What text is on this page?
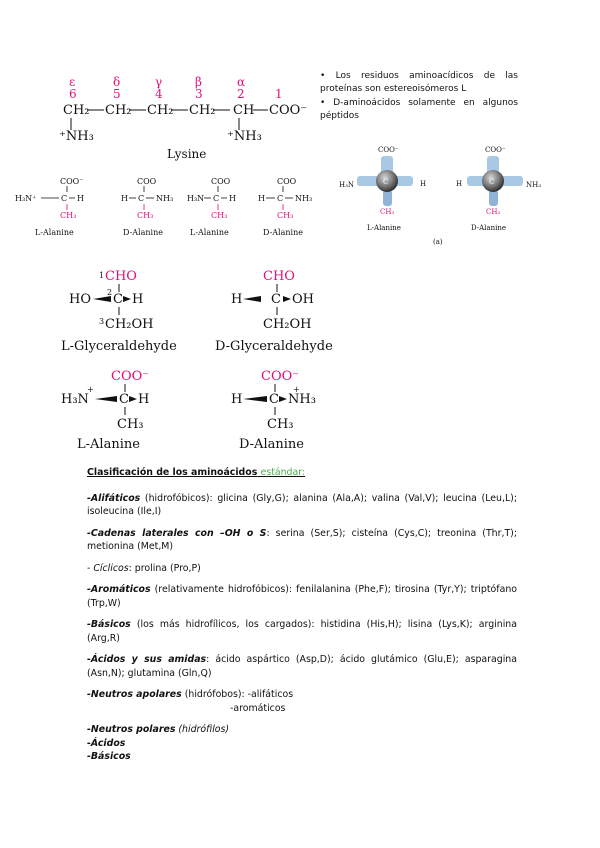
ε	δ	γ	β	α
6	5	4	3	2	1
CH₂ CH₂ CH₂ CH₂ CH COO⁻
⁺NH₃	⁺NH₃
Lysine
COO⁻
H₃N⁺	C H
CH₃
L-Alanine
COO
H C NH₃
CH₃
D-Alanine
COO
H₃N C H
CH₃
L-Alanine
COO
H C NH₃
CH₃
D-Alanine
• Los residuos aminoacídicos de las proteínas son estereoisómeros L
• D-aminoácidos solamente en algunos péptidos
C
COO⁻
H₃N	H
CH₃
L-Alanine
C
COO⁻
H	NH₃
CH₃
D-Alanine
(a)
1 CHO
HO 2 C H
3 CH₂OH
L-Glyceraldehyde
CHO
H C OH
CH₂OH
D-Glyceraldehyde
COO⁻
H₃N
+
C H
CH₃
L-Alanine
COO⁻
H C NH₃
+
CH₃
D-Alanine

Clasificación de los aminoácidos estándar:

-Alifáticos (hidrofóbicos): glicina (Gly,G); alanina (Ala,A); valina (Val,V); leucina (Leu,L); isoleucina (Ile,I)

-Cadenas laterales con –OH o S: serina (Ser,S); cisteína (Cys,C); treonina (Thr,T); metionina (Met,M)

- Cíclicos: prolina (Pro,P)

-Aromáticos (relativamente hidrofóbicos): fenilalanina (Phe,F); tirosina (Tyr,Y); triptófano (Trp,W)

-Básicos (los más hidrofílicos, los cargados): histidina (His,H); lisina (Lys,K); arginina (Arg,R)

-Ácidos y sus amidas: ácido aspártico (Asp,D); ácido glutámico (Glu,E); asparagina (Asn,N); glutamina (Gln,Q)

-Neutros apolares (hidrófobos): -alifáticos

-aromáticos

-Neutros polares (hidrófilos)

-Ácidos

-Básicos
